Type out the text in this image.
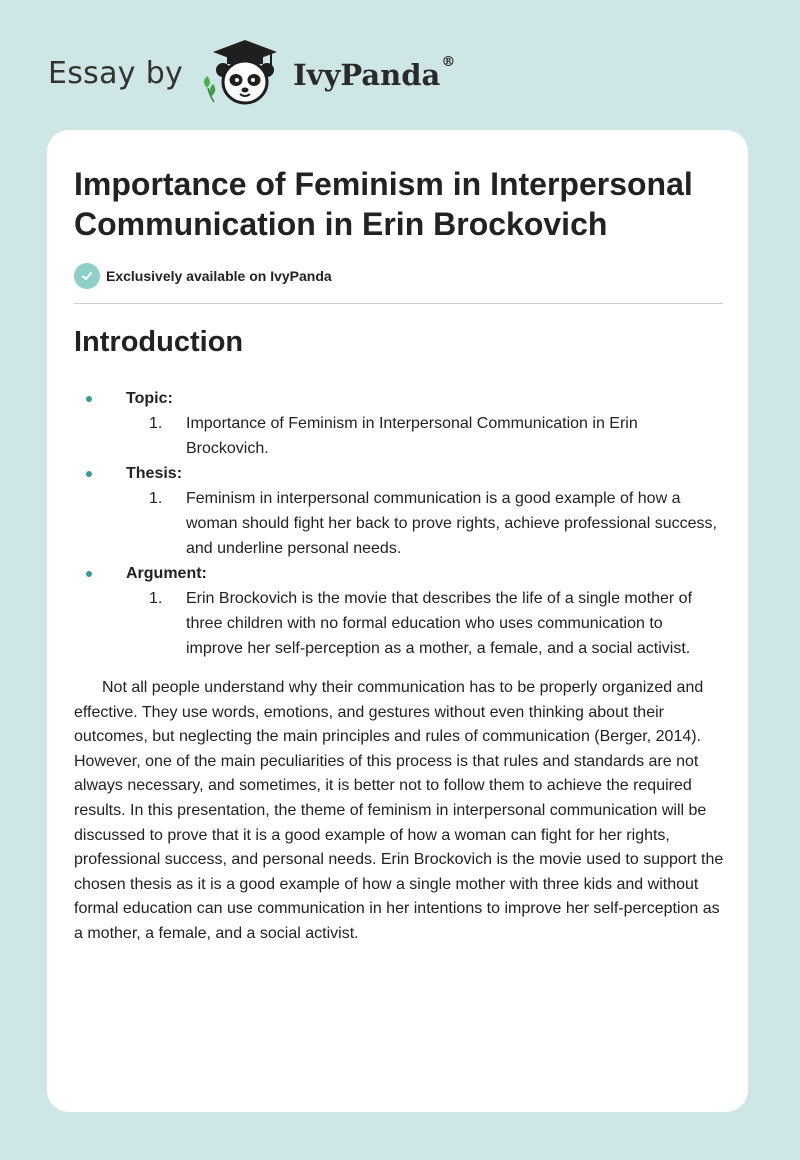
Essay by	IvyPanda®
Importance of Feminism in Interpersonal Communication in Erin Brockovich
Exclusively available on IvyPanda
Introduction
Topic:
1. Importance of Feminism in Interpersonal Communication in Erin Brockovich.
Thesis:
1. Feminism in interpersonal communication is a good example of how a woman should fight her back to prove rights, achieve professional success, and underline personal needs.
Argument:
1. Erin Brockovich is the movie that describes the life of a single mother of three children with no formal education who uses communication to improve her self-perception as a mother, a female, and a social activist.

Not all people understand why their communication has to be properly organized and effective. They use words, emotions, and gestures without even thinking about their outcomes, but neglecting the main principles and rules of communication (Berger, 2014). However, one of the main peculiarities of this process is that rules and standards are not always necessary, and sometimes, it is better not to follow them to achieve the required results. In this presentation, the theme of feminism in interpersonal communication will be discussed to prove that it is a good example of how a woman can fight for her rights, professional success, and personal needs. Erin Brockovich is the movie used to support the chosen thesis as it is a good example of how a single mother with three kids and without formal education can use communication in her intentions to improve her self-perception as a mother, a female, and a social activist.
